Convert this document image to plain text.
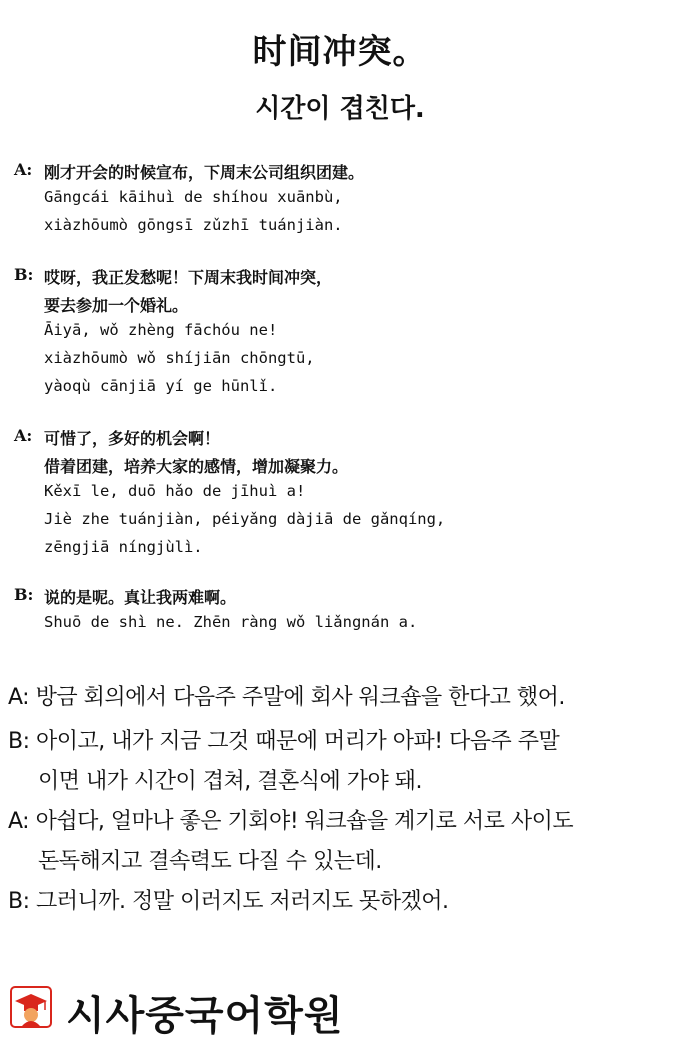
时间冲突。
시간이 겹친다.
A: 刚才开会的时候宣布，下周末公司组织团建。
Gāngcái kāihuì de shíhou xuānbù,
xiàzhōumò gōngsī zǔzhī tuánjiàn.
B: 哎呀，我正发愁呢！下周末我时间冲突，
要去参加一个婚礼。
Āiyā, wǒ zhèng fāchóu ne!
xiàzhōumò wǒ shíjiān chōngtū,
yàoqù cānjiā yí ge hūnlǐ.
A: 可惜了，多好的机会啊！
借着团建，培养大家的感情，增加凝聚力。
Kěxī le, duō hǎo de jīhuì a!
Jiè zhe tuánjiàn, péiyǎng dàjiā de gǎnqíng,
zēngjiā níngjùlì.
B: 说的是呢。真让我两难啊。
Shuō de shì ne. Zhēn ràng wǒ liǎngnán a.
A: 방금 회의에서 다음주 주말에 회사 워크숍을 한다고 했어.
B: 아이고, 내가 지금 그것 때문에 머리가 아파! 다음주 주말
이면 내가 시간이 겹쳐, 결혼식에 가야 돼.
A: 아쉽다, 얼마나 좋은 기회야! 워크숍을 계기로 서로 사이도
돈독해지고 결속력도 다질 수 있는데.
B: 그러니까. 정말 이러지도 저러지도 못하겠어.
시사중국어학원
